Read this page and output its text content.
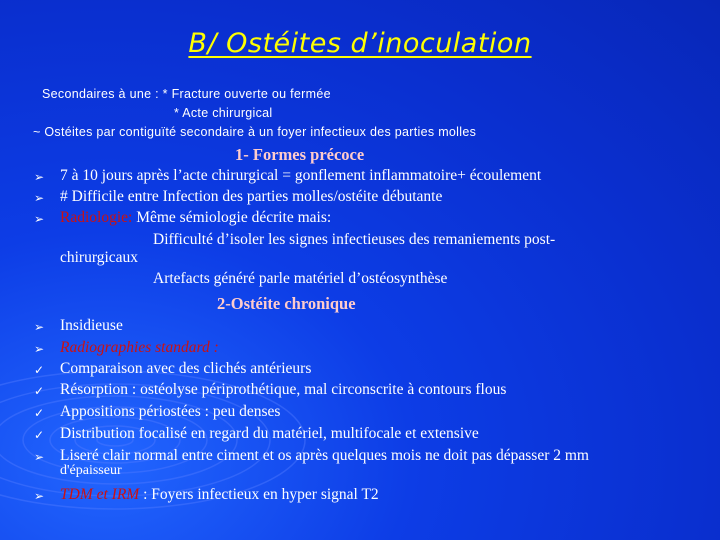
B/ Ostéites d’inoculation
Secondaires à une : * Fracture ouverte ou fermée
* Acte chirurgical
~ Ostéites par contiguïté secondaire à un foyer infectieux des parties molles
1- Formes précoce
➢ 7 à 10 jours après l’acte chirurgical = gonflement inflammatoire+ écoulement
➢ # Difficile entre Infection des parties molles/ostéite débutante
➢ Radiologie: Même sémiologie décrite mais:
Difficulté d’isoler les signes infectieuses des remaniements post-
chirurgicaux
Artefacts généré parle matériel d’ostéosynthèse
2-Ostéite chronique
➢ Insidieuse
➢ Radiographies standard :
✓ Comparaison avec des clichés antérieurs
✓ Résorption : ostéolyse périprothétique, mal circonscrite à contours flous
✓ Appositions périostées : peu denses
✓ Distribution focalisé en regard du matériel, multifocale et extensive
➢ Liseré clair normal entre ciment et os après quelques mois ne doit pas dépasser 2 mm
d'épaisseur
➢ TDM et IRM : Foyers infectieux en hyper signal T2
